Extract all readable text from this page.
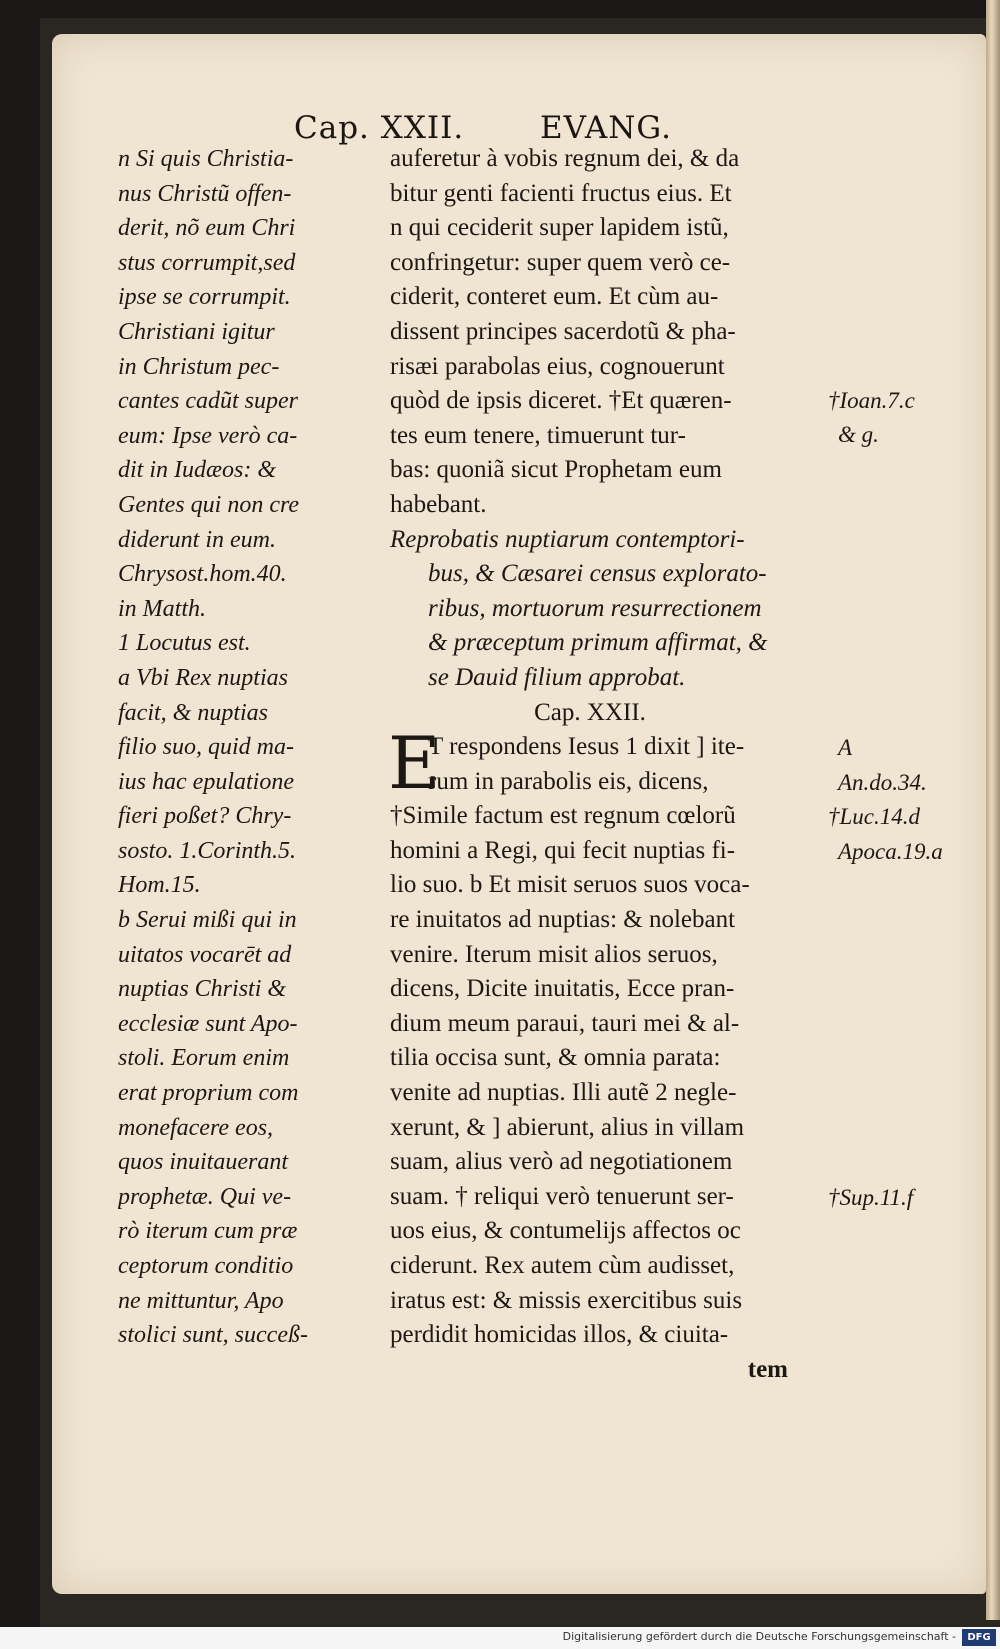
Cap. XXII. EVANG.
n Si quis Christia-
nus Christũ offen-
derit, nõ eum Chri
stus corrumpit,sed
ipse se corrumpit.
Christiani igitur
in Christum pec-
cantes cadũt super
eum: Ipse verò ca-
dit in Iudæos: &
Gentes qui non cre
diderunt in eum.
Chrysost.hom.40.
in Matth.
1 Locutus est.
a Vbi Rex nuptias
facit, & nuptias
filio suo, quid ma-
ius hac epulatione
fieri poßet? Chry-
sosto. 1.Corinth.5.
Hom.15.
b Serui mißi qui in
uitatos vocarēt ad
nuptias Christi &
ecclesiæ sunt Apo-
stoli. Eorum enim
erat proprium com
monefacere eos,
quos inuitauerant
prophetæ. Qui ve-
rò iterum cum præ
ceptorum conditio
ne mittuntur, Apo
stolici sunt, succeß-
auferetur à vobis regnum dei, & da
bitur genti facienti fructus eius. Et
n qui ceciderit super lapidem istũ,
confringetur: super quem verò ce-
ciderit, conteret eum. Et cùm au-
dissent principes sacerdotũ & pha-
risæi parabolas eius, cognouerunt
quòd de ipsis diceret. †Et quæren-
tes eum tenere, timuerunt tur-
bas: quoniã sicut Prophetam eum
habebant.
Reprobatis nuptiarum contemptori-
bus, & Cæsarei census explorato-
ribus, mortuorum resurrectionem
& præceptum primum affirmat, &
se Dauid filium approbat.
Cap. XXII.
T respondens Iesus 1 dixit ] ite-
rum in parabolis eis, dicens,
†Simile factum est regnum cœlorũ
homini a Regi, qui fecit nuptias fi-
lio suo. b Et misit seruos suos voca-
re inuitatos ad nuptias: & nolebant
venire. Iterum misit alios seruos,
dicens, Dicite inuitatis, Ecce pran-
dium meum paraui, tauri mei & al-
tilia occisa sunt, & omnia parata:
venite ad nuptias. Illi autẽ 2 negle-
xerunt, & ] abierunt, alius in villam
suam, alius verò ad negotiationem
suam. † reliqui verò tenuerunt ser-
uos eius, & contumelijs affectos oc
ciderunt. Rex autem cùm audisset,
iratus est: & missis exercitibus suis
perdidit homicidas illos, & ciuita-
tem
E
†Ioan.7.c
& g.
A
An.do.34.
†Luc.14.d
Apoca.19.a
†Sup.11.f
Digitalisierung gefördert durch die Deutsche Forschungsgemeinschaft -	DFG
